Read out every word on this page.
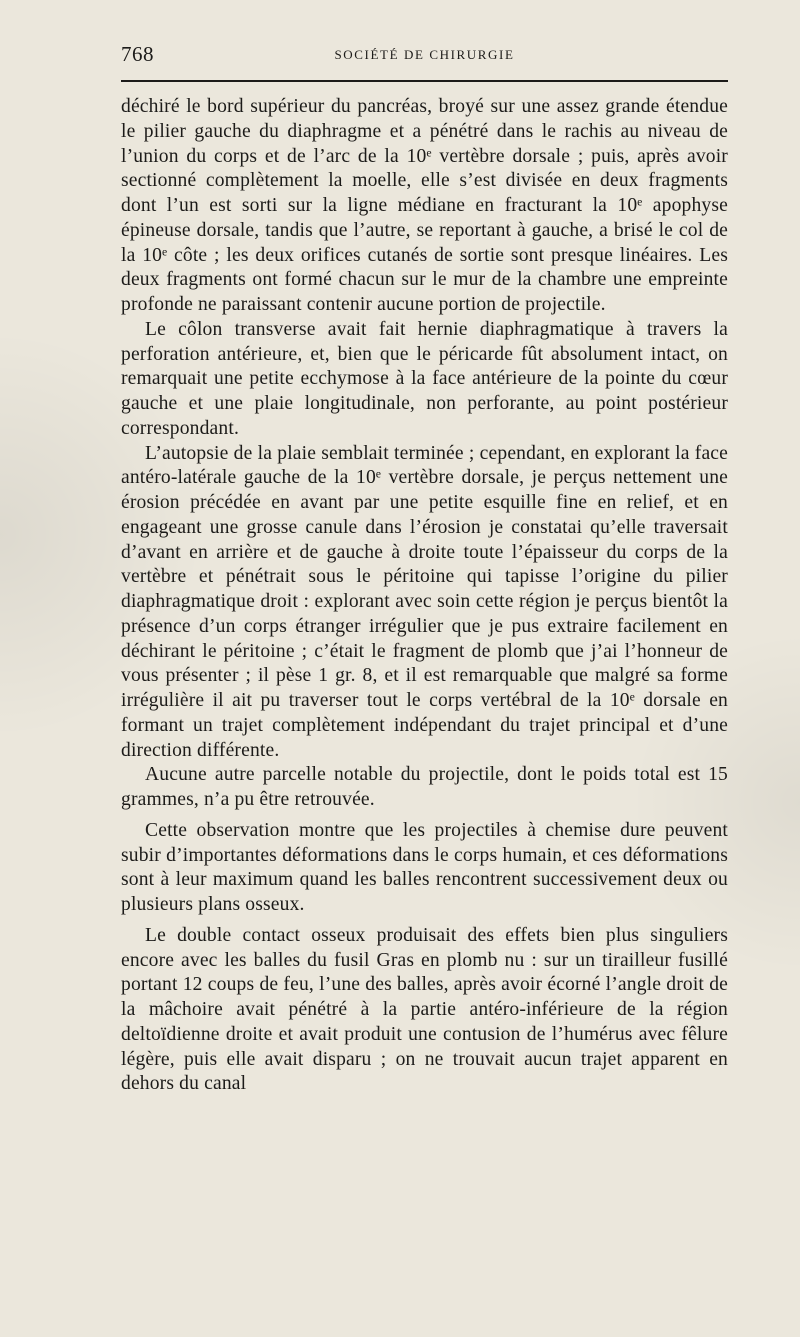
768	SOCIÉTÉ DE CHIRURGIE

déchiré le bord supérieur du pancréas, broyé sur une assez grande étendue le pilier gauche du diaphragme et a pénétré dans le rachis au niveau de l’union du corps et de l’arc de la 10ᵉ vertèbre dorsale ; puis, après avoir sectionné complètement la moelle, elle s’est divisée en deux fragments dont l’un est sorti sur la ligne médiane en fracturant la 10ᵉ apophyse épineuse dorsale, tandis que l’autre, se reportant à gauche, a brisé le col de la 10ᵉ côte ; les deux orifices cutanés de sortie sont presque linéaires. Les deux fragments ont formé chacun sur le mur de la chambre une empreinte profonde ne paraissant contenir aucune portion de projectile.

Le côlon transverse avait fait hernie diaphragmatique à travers la perforation antérieure, et, bien que le péricarde fût absolument intact, on remarquait une petite ecchymose à la face antérieure de la pointe du cœur gauche et une plaie longitudinale, non perforante, au point postérieur correspondant.

L’autopsie de la plaie semblait terminée ; cependant, en explorant la face antéro-latérale gauche de la 10ᵉ vertèbre dorsale, je perçus nettement une érosion précédée en avant par une petite esquille fine en relief, et en engageant une grosse canule dans l’érosion je constatai qu’elle traversait d’avant en arrière et de gauche à droite toute l’épaisseur du corps de la vertèbre et pénétrait sous le péritoine qui tapisse l’origine du pilier diaphragmatique droit : explorant avec soin cette région je perçus bientôt la présence d’un corps étranger irrégulier que je pus extraire facilement en déchirant le péritoine ; c’était le fragment de plomb que j’ai l’honneur de vous présenter ; il pèse 1 gr. 8, et il est remarquable que malgré sa forme irrégulière il ait pu traverser tout le corps vertébral de la 10ᵉ dorsale en formant un trajet complètement indépendant du trajet principal et d’une direction différente.

Aucune autre parcelle notable du projectile, dont le poids total est 15 grammes, n’a pu être retrouvée.

Cette observation montre que les projectiles à chemise dure peuvent subir d’importantes déformations dans le corps humain, et ces déformations sont à leur maximum quand les balles rencontrent successivement deux ou plusieurs plans osseux.

Le double contact osseux produisait des effets bien plus singuliers encore avec les balles du fusil Gras en plomb nu : sur un tirailleur fusillé portant 12 coups de feu, l’une des balles, après avoir écorné l’angle droit de la mâchoire avait pénétré à la partie antéro-inférieure de la région deltoïdienne droite et avait produit une contusion de l’humérus avec fêlure légère, puis elle avait disparu ; on ne trouvait aucun trajet apparent en dehors du canal
